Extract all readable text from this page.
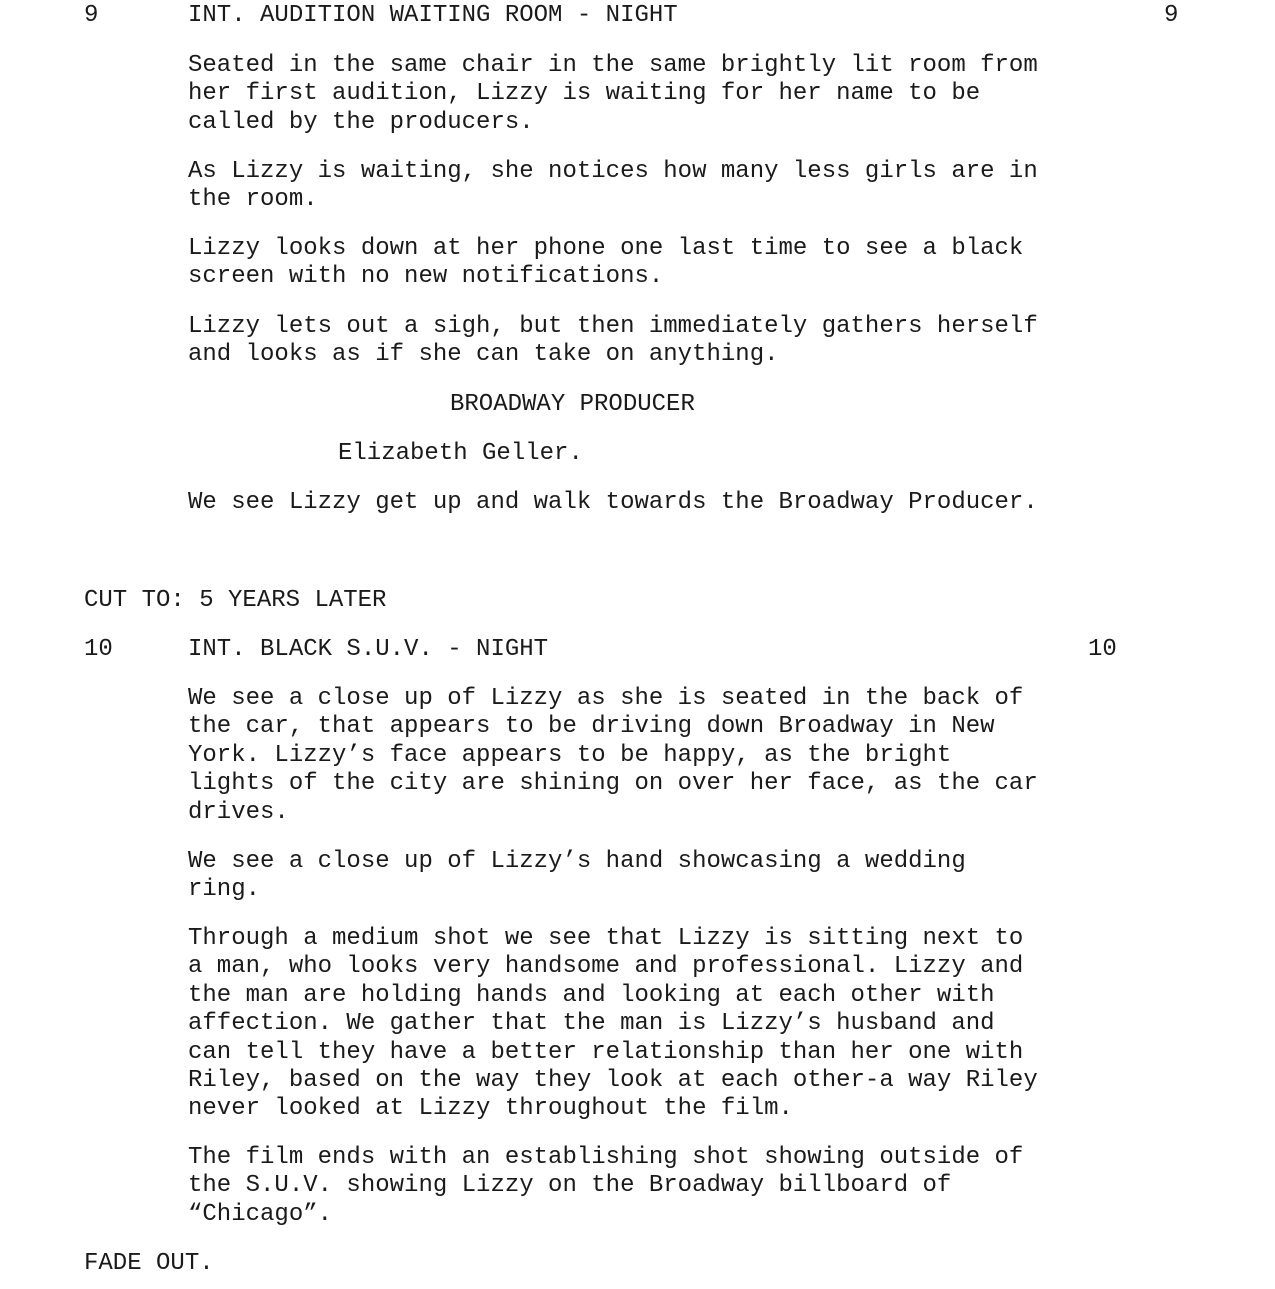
9	INT. AUDITION WAITING ROOM - NIGHT	9
Seated in the same chair in the same brightly lit room from
her first audition, Lizzy is waiting for her name to be
called by the producers.
As Lizzy is waiting, she notices how many less girls are in
the room.
Lizzy looks down at her phone one last time to see a black
screen with no new notifications.
Lizzy lets out a sigh, but then immediately gathers herself
and looks as if she can take on anything.
BROADWAY PRODUCER
Elizabeth Geller.
We see Lizzy get up and walk towards the Broadway Producer.
CUT TO: 5 YEARS LATER
10	INT. BLACK S.U.V. - NIGHT	10
We see a close up of Lizzy as she is seated in the back of
the car, that appears to be driving down Broadway in New
York. Lizzy’s face appears to be happy, as the bright
lights of the city are shining on over her face, as the car
drives.
We see a close up of Lizzy’s hand showcasing a wedding
ring.
Through a medium shot we see that Lizzy is sitting next to
a man, who looks very handsome and professional. Lizzy and
the man are holding hands and looking at each other with
affection. We gather that the man is Lizzy’s husband and
can tell they have a better relationship than her one with
Riley, based on the way they look at each other-a way Riley
never looked at Lizzy throughout the film.
The film ends with an establishing shot showing outside of
the S.U.V. showing Lizzy on the Broadway billboard of
“Chicago”.
FADE OUT.
